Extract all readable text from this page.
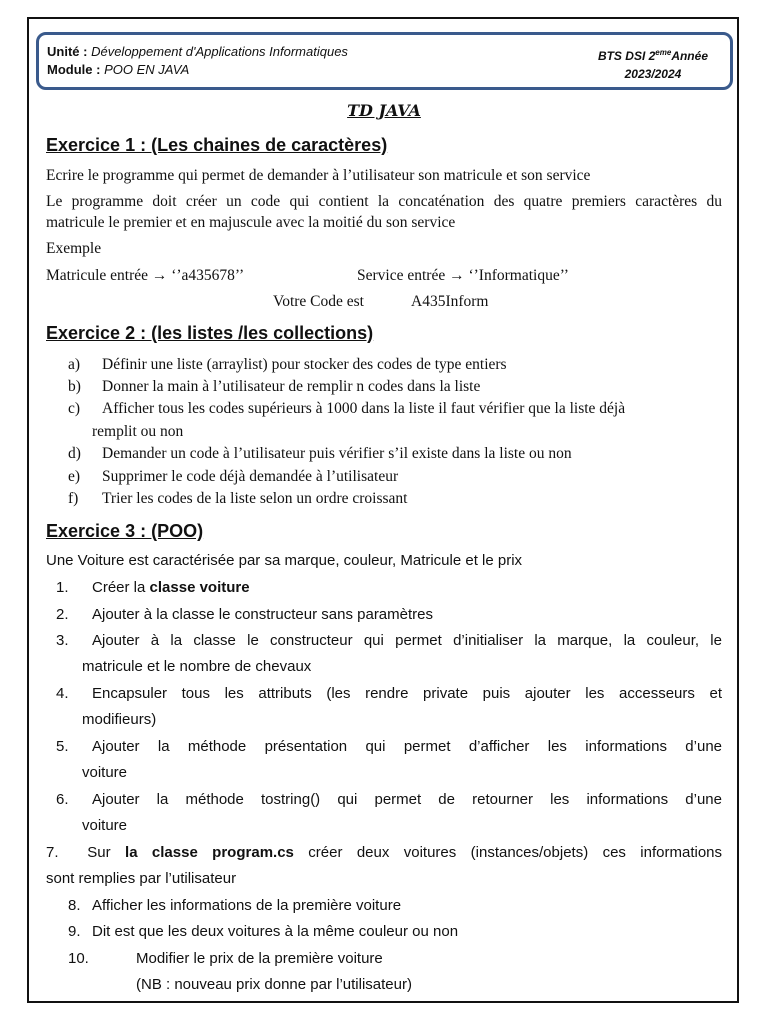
Unité : Développement d'Applications Informatiques
Module : POO EN JAVA
BTS DSI 2emeAnnée
2023/2024
TD JAVA
Exercice 1 : (Les chaines de caractères)
Ecrire le programme qui permet de demander à l’utilisateur son matricule et son service
Le programme doit créer un code qui contient la concaténation des quatre premiers caractères du
matricule le premier et en majuscule avec la moitié du son service
Exemple
Matricule entrée → ‘’a435678’’	Service entrée → ‘’Informatique’’
Votre Code est	A435Inform
Exercice 2 : (les listes /les collections)
a) Définir une liste (arraylist) pour stocker des codes de type entiers
b) Donner la main à l’utilisateur de remplir n codes dans la liste
c) Afficher tous les codes supérieurs à 1000 dans la liste il faut vérifier que la liste déjà
remplit ou non
d) Demander un code à l’utilisateur puis vérifier s’il existe dans la liste ou non
e) Supprimer le code déjà demandée à l’utilisateur
f) Trier les codes de la liste selon un ordre croissant
Exercice 3 : (POO)
Une Voiture est caractérisée par sa marque, couleur, Matricule et le prix
1. Créer la classe voiture
2. Ajouter à la classe le constructeur sans paramètres
3. Ajouter à la classe le constructeur qui permet d’initialiser la marque, la couleur, le
matricule et le nombre de chevaux
4. Encapsuler tous les attributs (les rendre private puis ajouter les accesseurs et
modifieurs)
5. Ajouter la méthode présentation qui permet d’afficher les informations d’une
voiture
6. Ajouter la méthode tostring() qui permet de retourner les informations d’une
voiture
7. Sur la classe program.cs créer deux voitures (instances/objets) ces informations
sont remplies par l’utilisateur
8. Afficher les informations de la première voiture
9. Dit est que les deux voitures à la même couleur ou non
10.	Modifier le prix de la première voiture
(NB : nouveau prix donne par l’utilisateur)
